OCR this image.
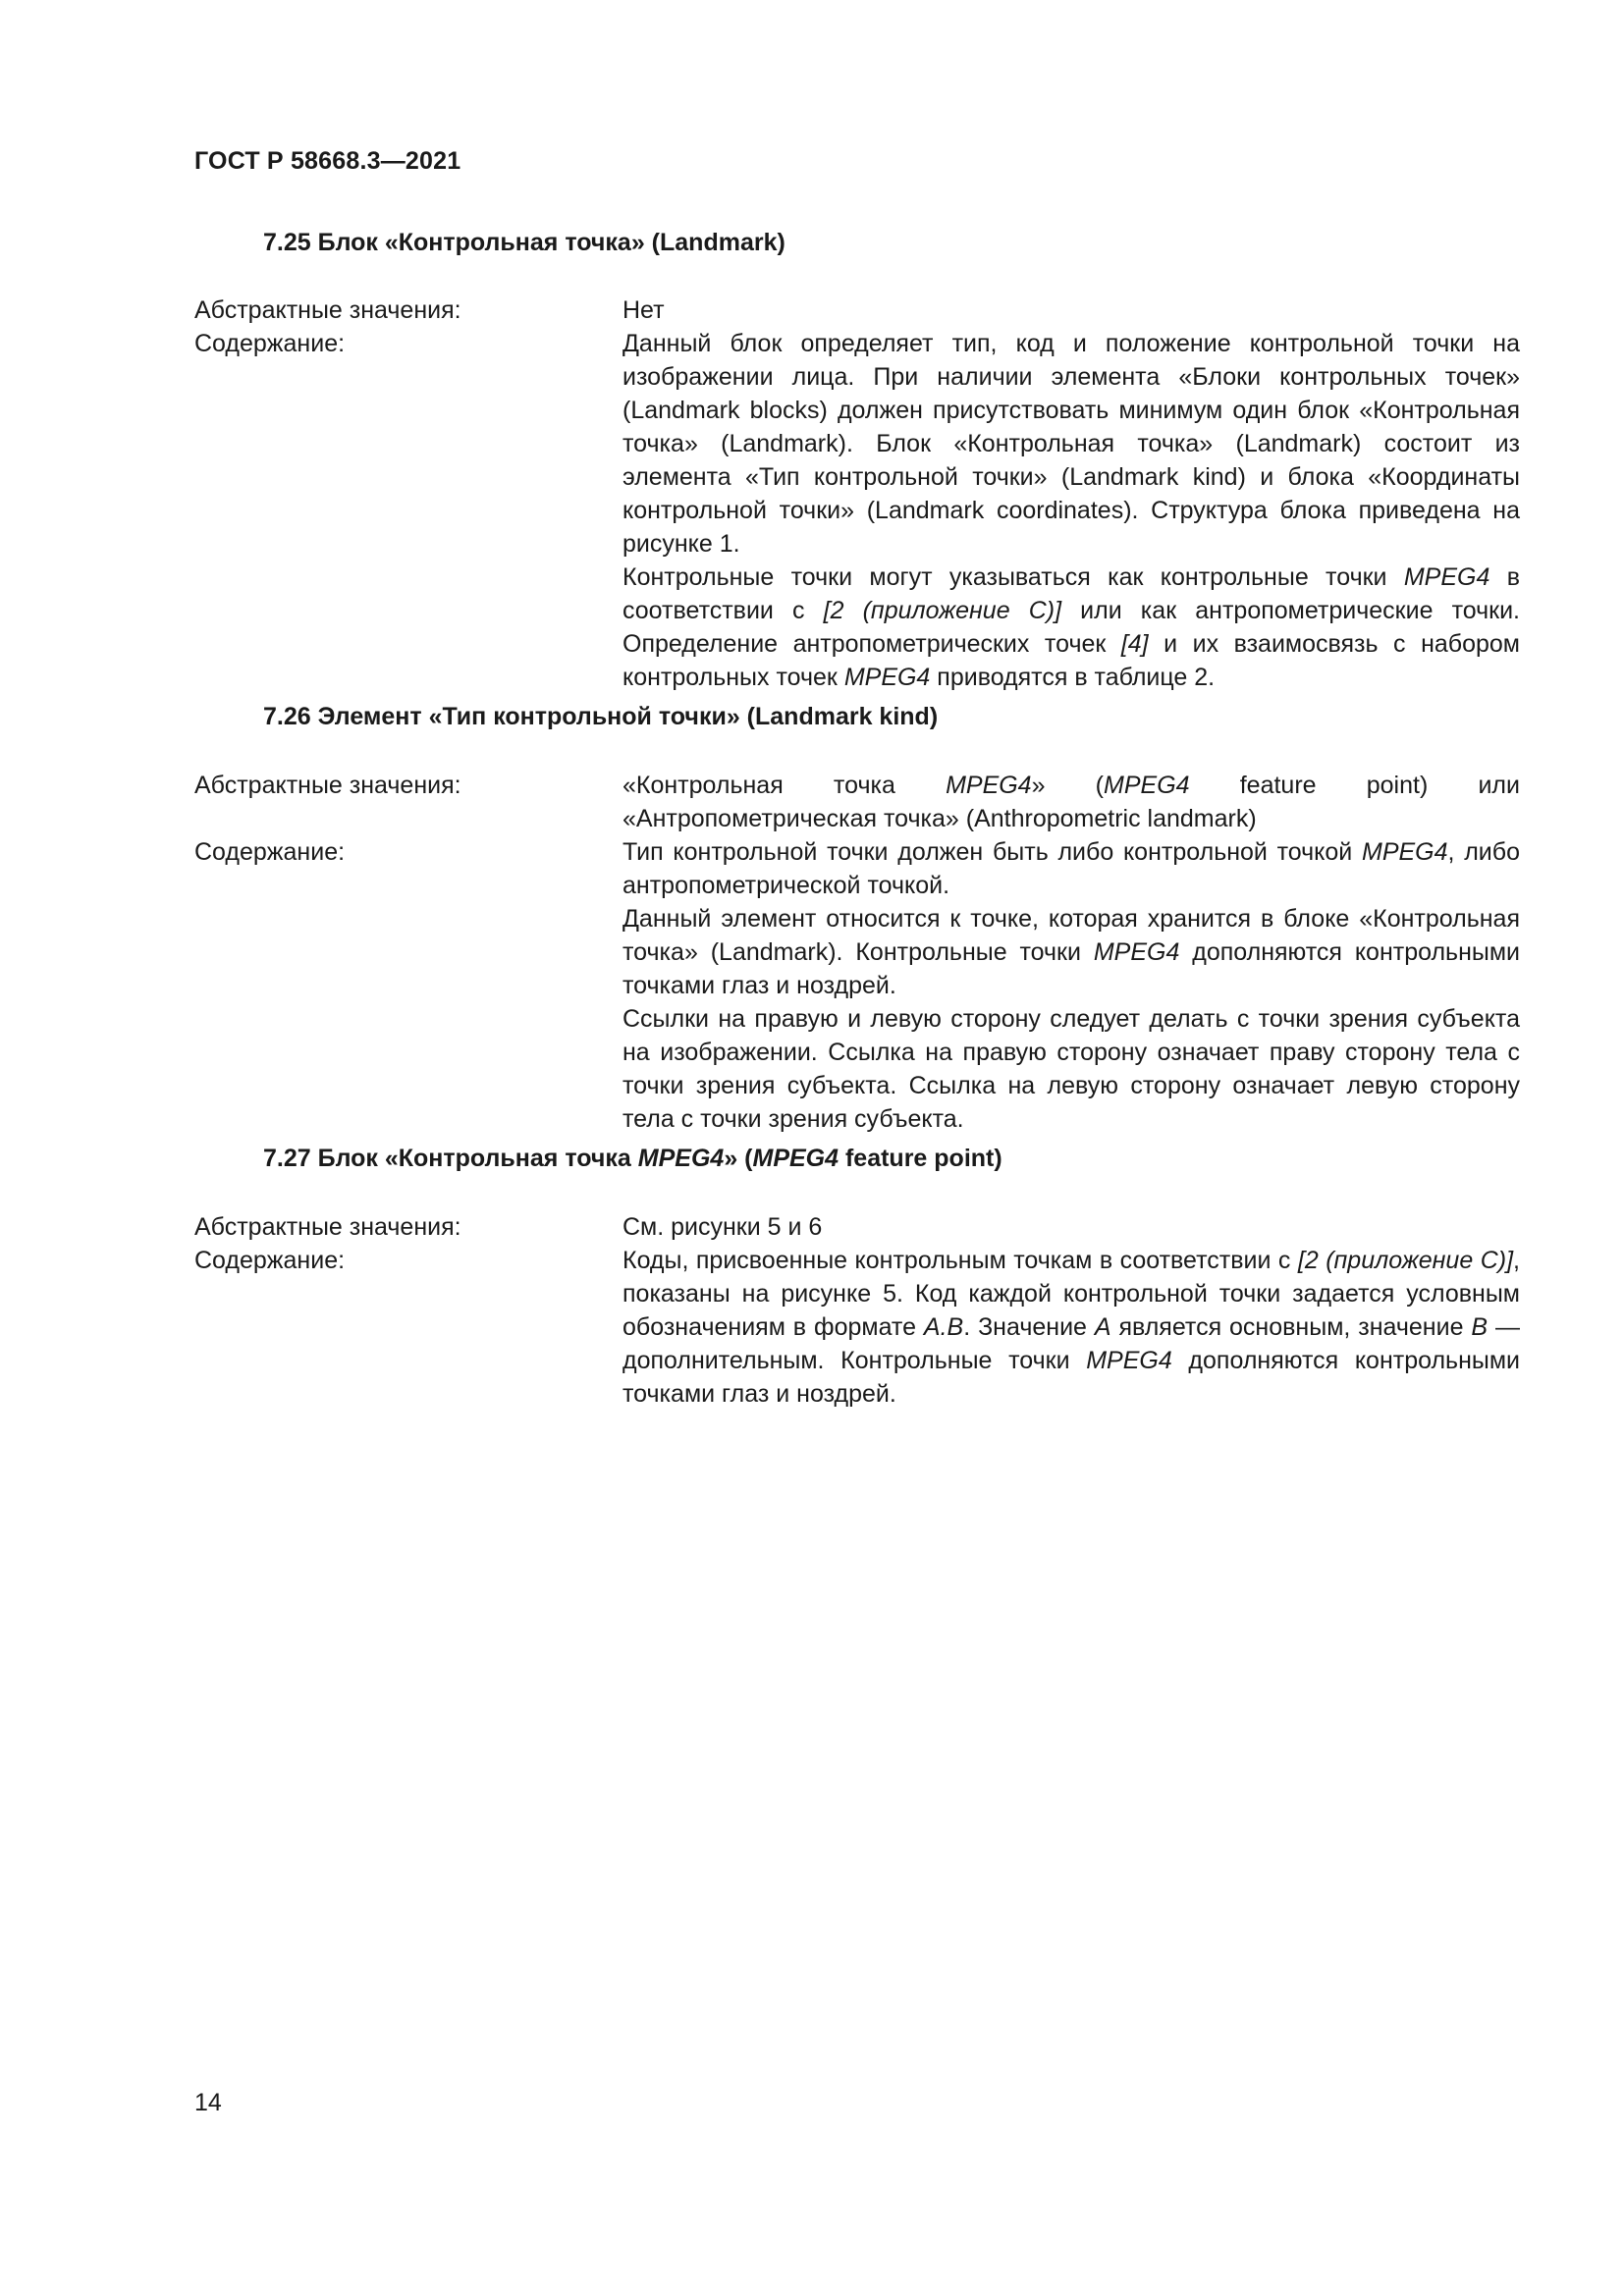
ГОСТ Р 58668.3—2021
7.25 Блок «Контрольная точка» (Landmark)
Абстрактные значения:	Нет

Содержание:	Данный блок определяет тип, код и положение контрольной точки на изображении лица. При наличии элемента «Блоки контрольных точек» (Landmark blocks) должен присутствовать минимум один блок «Контрольная точка» (Landmark). Блок «Контрольная точка» (Landmark) состоит из элемента «Тип контрольной точки» (Landmark kind) и блока «Координаты контрольной точки» (Landmark coordinates). Структура блока приведена на рисунке 1.

Контрольные точки могут указываться как контрольные точки MPEG4 в соответствии с [2 (приложение С)] или как антропометрические точки. Определение антропометрических точек [4] и их взаимосвязь с набором контрольных точек MPEG4 приводятся в таблице 2.

7.26 Элемент «Тип контрольной точки» (Landmark kind)
Абстрактные значения:	«Контрольная точка MPEG4» (MPEG4 feature point) или «Антропометрическая точка» (Anthropometric landmark)

Содержание:	Тип контрольной точки должен быть либо контрольной точкой MPEG4, либо антропометрической точкой.

Данный элемент относится к точке, которая хранится в блоке «Контрольная точка» (Landmark). Контрольные точки MPEG4 дополняются контрольными точками глаз и ноздрей.

Ссылки на правую и левую сторону следует делать с точки зрения субъекта на изображении. Ссылка на правую сторону означает праву сторону тела с точки зрения субъекта. Ссылка на левую сторону означает левую сторону тела с точки зрения субъекта.

7.27 Блок «Контрольная точка MPEG4» (MPEG4 feature point)
Абстрактные значения:	См. рисунки 5 и 6

Содержание:	Коды, присвоенные контрольным точкам в соответствии с [2 (приложение С)], показаны на рисунке 5. Код каждой контрольной точки задается условным обозначениям в формате А.В. Значение А является основным, значение В — дополнительным. Контрольные точки MPEG4 дополняются контрольными точками глаз и ноздрей.

14
